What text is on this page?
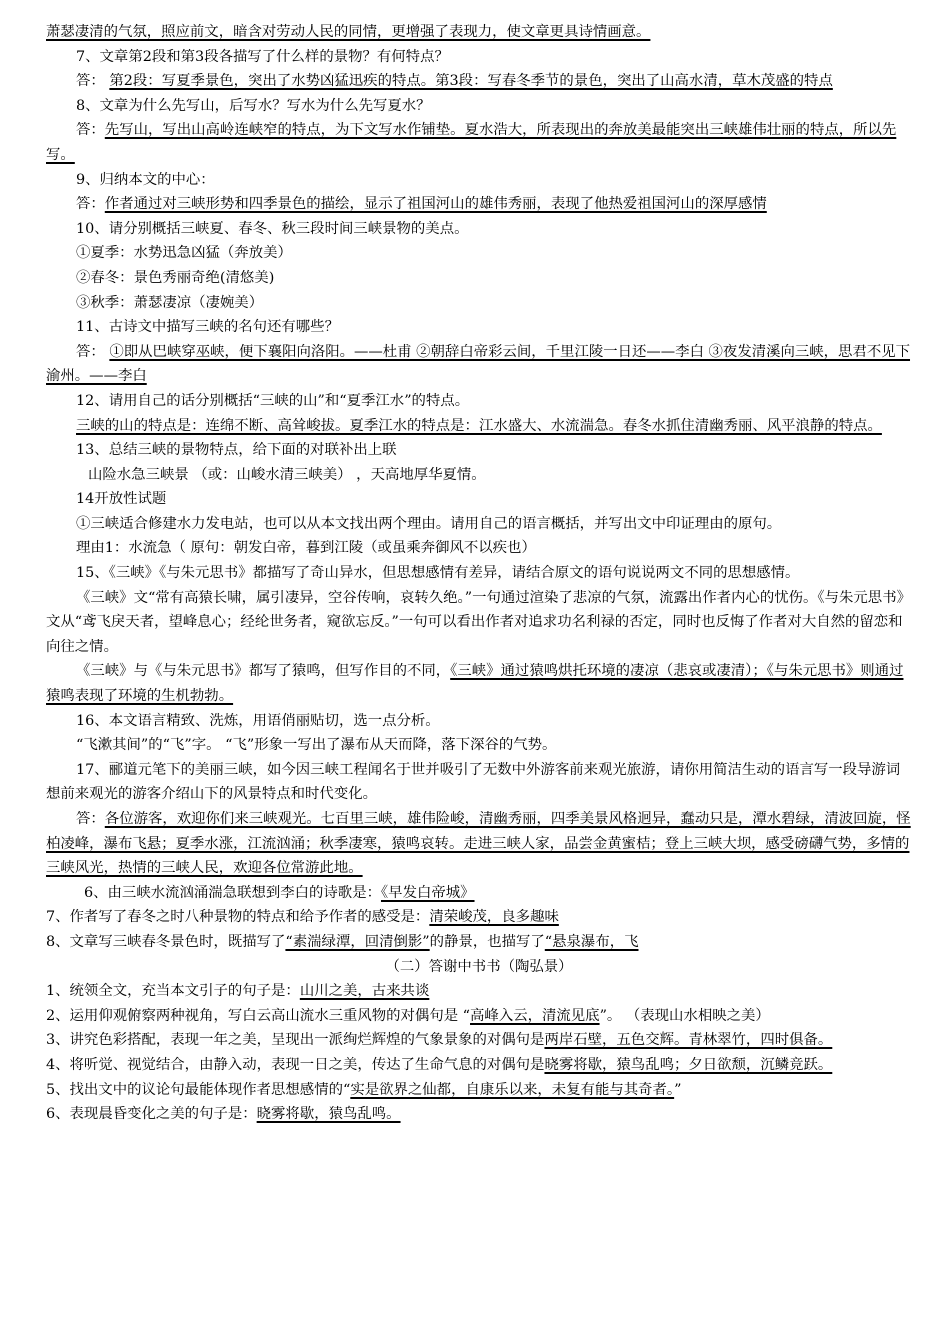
萧瑟凄清的气氛，照应前文，暗含对劳动人民的同情，更增强了表现力，使文章更具诗情画意。

7、文章第2段和第3段各描写了什么样的景物？有何特点？

答： 第2段：写夏季景色，突出了水势凶猛迅疾的特点。第3段：写春冬季节的景色，突出了山高水清，草木茂盛的特点

8、文章为什么先写山，后写水？写水为什么先写夏水？

答：先写山，写出山高岭连峡窄的特点，为下文写水作铺垫。夏水浩大，所表现出的奔放美最能突出三峡雄伟壮丽的特点，所以先写。

9、归纳本文的中心：

答：作者通过对三峡形势和四季景色的描绘，显示了祖国河山的雄伟秀丽，表现了他热爱祖国河山的深厚感情

10、请分别概括三峡夏、春冬、秋三段时间三峡景物的美点。

①夏季：水势迅急凶猛（奔放美）

②春冬：景色秀丽奇绝(清悠美)

③秋季：萧瑟凄凉（凄婉美）

11、古诗文中描写三峡的名句还有哪些？

答： ①即从巴峡穿巫峡，便下襄阳向洛阳。——杜甫 ②朝辞白帝彩云间，千里江陵一日还——李白 ③夜发清溪向三峡，思君不见下渝州。——李白

12、请用自己的话分别概括“三峡的山”和“夏季江水”的特点。

三峡的山的特点是：连绵不断、高耸峻拔。夏季江水的特点是：江水盛大、水流湍急。春冬水抓住清幽秀丽、风平浪静的特点。

13、总结三峡的景物特点，给下面的对联补出上联

山险水急三峡景 （或：山峻水清三峡美） ，天高地厚华夏情。

14开放性试题

①三峡适合修建水力发电站，也可以从本文找出两个理由。请用自己的语言概括，并写出文中印证理由的原句。

理由1：水流急（ 原句：朝发白帝，暮到江陵（或虽乘奔御风不以疾也）

15、《三峡》《与朱元思书》都描写了奇山异水，但思想感情有差异，请结合原文的语句说说两文不同的思想感情。

《三峡》文“常有高猿长啸，属引凄异，空谷传响，哀转久绝。”一句通过渲染了悲凉的气氛，流露出作者内心的忧伤。《与朱元思书》文从“鸢飞戾天者，望峰息心；经纶世务者，窥欲忘反。”一句可以看出作者对追求功名利禄的否定，同时也反悔了作者对大自然的留恋和向往之情。

《三峡》与《与朱元思书》都写了猿鸣，但写作目的不同，《三峡》通过猿鸣烘托环境的凄凉（悲哀或凄清）；《与朱元思书》则通过猿鸣表现了环境的生机勃勃。

16、本文语言精致、洗炼，用语俏丽贴切，选一点分析。

“飞漱其间”的“飞”字。 “飞”形象一写出了瀑布从天而降，落下深谷的气势。

17、郦道元笔下的美丽三峡，如今因三峡工程闻名于世并吸引了无数中外游客前来观光旅游，请你用简洁生动的语言写一段导游词想前来观光的游客介绍山下的风景特点和时代变化。

答：各位游客，欢迎你们来三峡观光。七百里三峡，雄伟险峻，清幽秀丽，四季美景风格迥异，蠢动只是，潭水碧绿，清波回旋，怪柏凌峰，瀑布飞悬；夏季水涨，江流汹涌；秋季凄寒，猿鸣哀转。走进三峡人家，品尝金黄蜜桔；登上三峡大坝，感受磅礴气势，多情的三峡风光，热情的三峡人民，欢迎各位常游此地。

6、由三峡水流汹涌湍急联想到李白的诗歌是：《早发白帝城》

7、作者写了春冬之时八种景物的特点和给予作者的感受是：清荣峻茂，良多趣味

8、文章写三峡春冬景色时，既描写了“素湍绿潭，回清倒影”的静景，也描写了“悬泉瀑布，飞

（二）答谢中书书（陶弘景）

1、统领全文，充当本文引子的句子是：山川之美，古来共谈

2、运用仰观俯察两种视角，写白云高山流水三重风物的对偶句是 “高峰入云，清流见底”。 （表现山水相映之美）

3、讲究色彩搭配，表现一年之美，呈现出一派绚烂辉煌的气象景象的对偶句是两岸石壁，五色交辉。青林翠竹，四时俱备。

4、将听觉、视觉结合，由静入动，表现一日之美，传达了生命气息的对偶句是晓雾将歇，猿鸟乱鸣；夕日欲颓，沉鳞竞跃。

5、找出文中的议论句最能体现作者思想感情的“实是欲界之仙都，自康乐以来，未复有能与其奇者。”

6、表现晨昏变化之美的句子是：晓雾将歇，猿鸟乱鸣。
